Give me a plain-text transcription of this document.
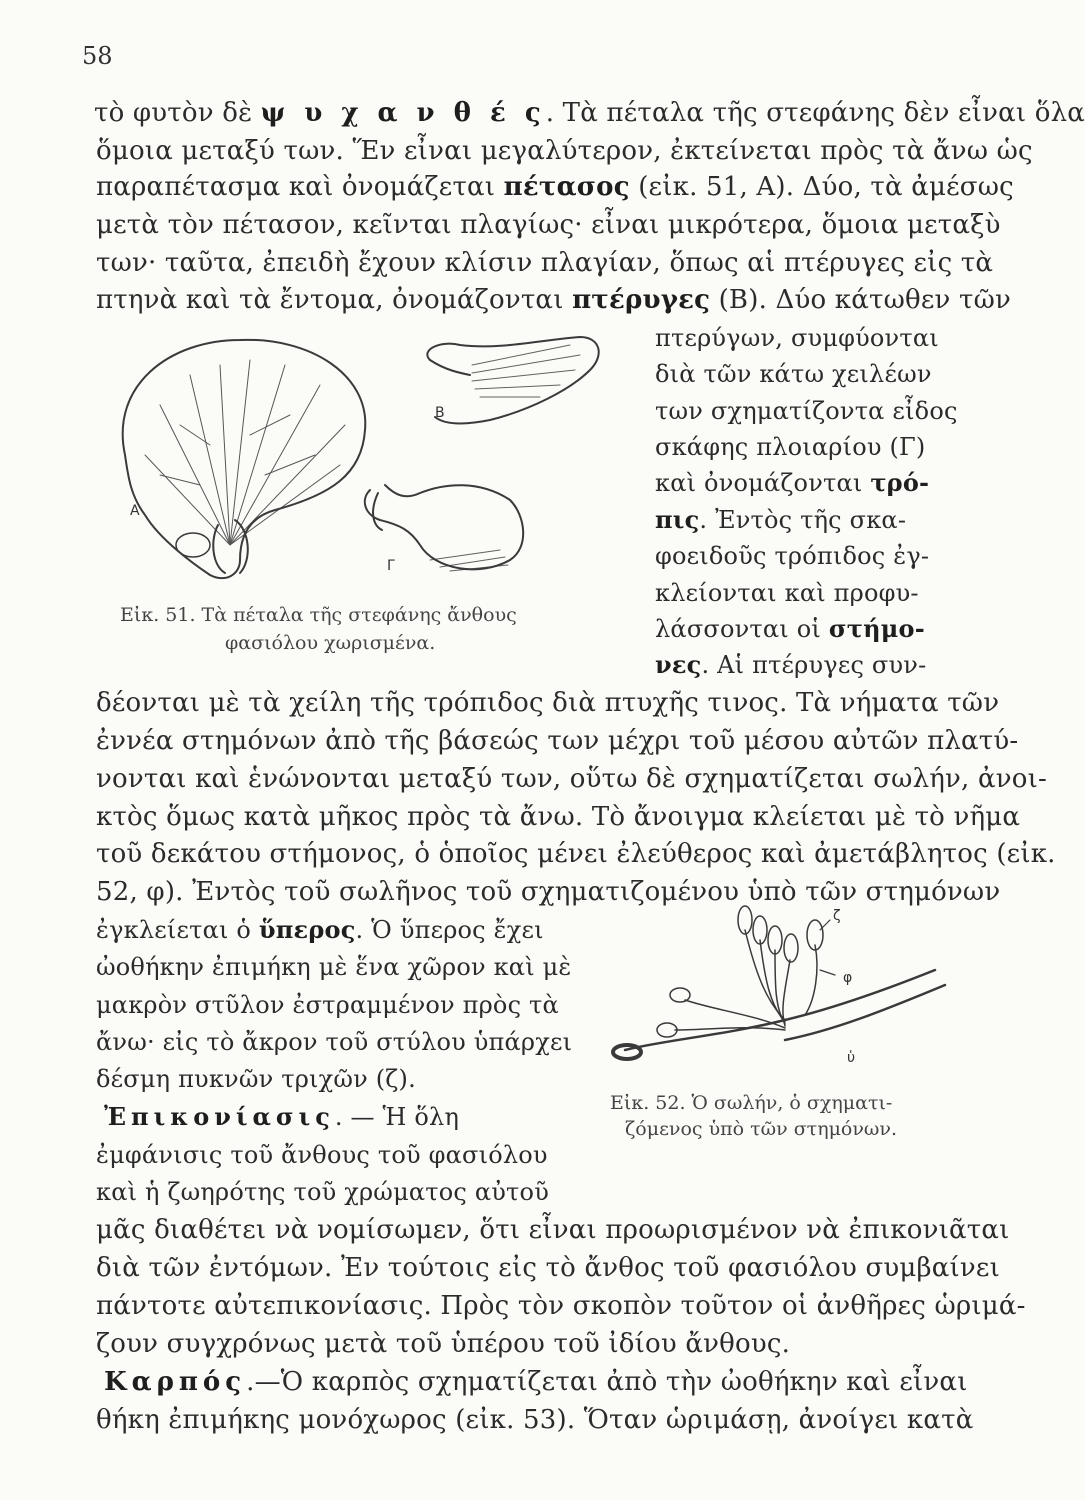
58
τὸ φυτὸν δὲ ψ υ χ α ν θ έ ς. Τὰ πέταλα τῆς στεφάνης δὲν εἶναι ὅλα
ὅμοια μεταξύ των. Ἕν εἶναι μεγαλύτερον, ἐκτείνεται πρὸς τὰ ἄνω ὡς
παραπέτασμα καὶ ὀνομάζεται πέτασος (εἰκ. 51, Α). Δύο, τὰ ἀμέσως
μετὰ τὸν πέτασον, κεῖνται πλαγίως· εἶναι μικρότερα, ὅμοια μεταξὺ
των· ταῦτα, ἐπειδὴ ἔχουν κλίσιν πλαγίαν, ὅπως αἱ πτέρυγες εἰς τὰ
πτηνὰ καὶ τὰ ἔντομα, ὀνομάζονται πτέρυγες (Β). Δύο κάτωθεν τῶν
πτερύγων, συμφύονται
διὰ τῶν κάτω χειλέων
των σχηματίζοντα εἶδος
σκάφης πλοιαρίου (Γ)
καὶ ὀνομάζονται τρό-
πις. Ἐντὸς τῆς σκα-
φοειδοῦς τρόπιδος ἐγ-
κλείονται καὶ προφυ-
λάσσονται οἱ στήμο-
νες. Αἱ πτέρυγες συν-
δέονται μὲ τὰ χείλη τῆς τρόπιδος διὰ πτυχῆς τινος. Τὰ νήματα τῶν
ἐννέα στημόνων ἀπὸ τῆς βάσεώς των μέχρι τοῦ μέσου αὐτῶν πλατύ-
νονται καὶ ἑνώνονται μεταξύ των, οὕτω δὲ σχηματίζεται σωλήν, ἀνοι-
κτὸς ὅμως κατὰ μῆκος πρὸς τὰ ἄνω. Τὸ ἄνοιγμα κλείεται μὲ τὸ νῆμα
τοῦ δεκάτου στήμονος, ὁ ὁποῖος μένει ἐλεύθερος καὶ ἀμετάβλητος (εἰκ.
52, φ). Ἐντὸς τοῦ σωλῆνος τοῦ σχηματιζομένου ὑπὸ τῶν στημόνων
ἐγκλείεται ὁ ὕπερος. Ὁ ὕπερος ἔχει
ὠοθήκην ἐπιμήκη μὲ ἕνα χῶρον καὶ μὲ
μακρὸν στῦλον ἐστραμμένον πρὸς τὰ
ἄνω· εἰς τὸ ἄκρον τοῦ στύλου ὑπάρχει
δέσμη πυκνῶν τριχῶν (ζ).
Ἐπικονίασις. — Ἡ ὅλη
ἐμφάνισις τοῦ ἄνθους τοῦ φασιόλου
καὶ ἡ ζωηρότης τοῦ χρώματος αὐτοῦ
μᾶς διαθέτει νὰ νομίσωμεν, ὅτι εἶναι προωρισμένον νὰ ἐπικονιᾶται
διὰ τῶν ἐντόμων. Ἐν τούτοις εἰς τὸ ἄνθος τοῦ φασιόλου συμβαίνει
πάντοτε αὐτεπικονίασις. Πρὸς τὸν σκοπὸν τοῦτον οἱ ἀνθῆρες ὡριμά-
ζουν συγχρόνως μετὰ τοῦ ὑπέρου τοῦ ἰδίου ἄνθους.
Καρπός.—Ὁ καρπὸς σχηματίζεται ἀπὸ τὴν ὠοθήκην καὶ εἶναι
θήκη ἐπιμήκης μονόχωρος (εἰκ. 53). Ὅταν ὡριμάσῃ, ἀνοίγει κατὰ
Α
Β
Γ
Εἰκ. 51. Τὰ πέταλα τῆς στεφάνης ἄνθους
φασιόλου χωρισμένα.
ζ
φ
ὑ
Εἰκ. 52. Ὁ σωλήν, ὁ σχηματι-
ζόμενος ὑπὸ τῶν στημόνων.
